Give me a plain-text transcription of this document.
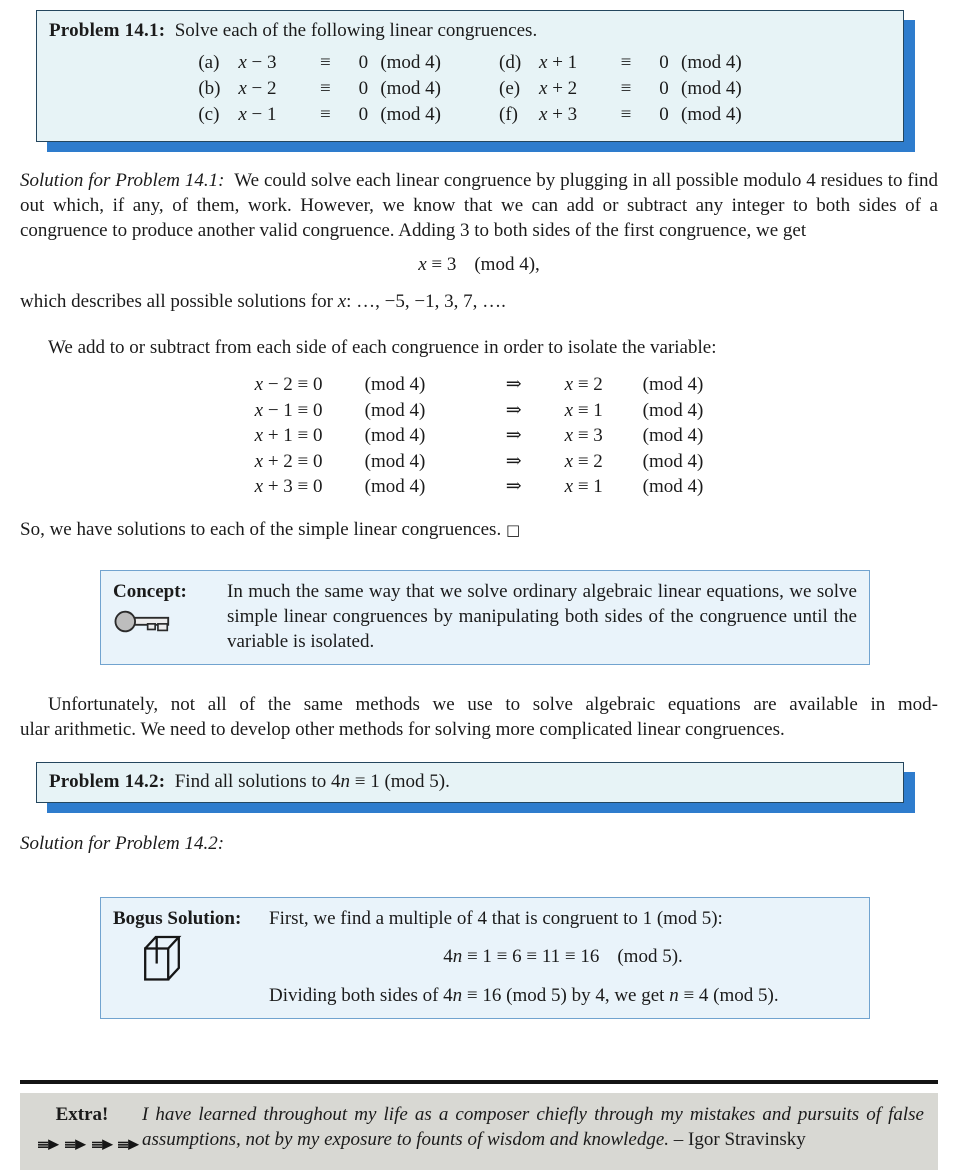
Problem 14.1: Solve each of the following linear congruences.
(a) x − 3	≡	0 (mod 4)	(d) x + 1	≡	0 (mod 4)
(b) x − 2	≡	0 (mod 4)	(e) x + 2	≡	0 (mod 4)
(c) x − 1	≡	0 (mod 4)	(f)	x + 3	≡	0 (mod 4)

Solution for Problem 14.1: We could solve each linear congruence by plugging in all possible modulo 4 residues to find out which, if any, of them, work. However, we know that we can add or subtract any integer to both sides of a congruence to produce another valid congruence. Adding 3 to both sides of the first congruence, we get

x ≡ 3 (mod 4),

which describes all possible solutions for x: …, −5, −1, 3, 7, ….

We add to or subtract from each side of each congruence in order to isolate the variable:

x − 2 ≡ 0	(mod 4)	⇒	x ≡ 2	(mod 4)
x − 1 ≡ 0	(mod 4)	⇒	x ≡ 1	(mod 4)
x + 1 ≡ 0	(mod 4)	⇒	x ≡ 3	(mod 4)
x + 2 ≡ 0	(mod 4)	⇒	x ≡ 2	(mod 4)
x + 3 ≡ 0	(mod 4)	⇒	x ≡ 1	(mod 4)

So, we have solutions to each of the simple linear congruences. □

Concept:	In much the same way that we solve ordinary algebraic linear equations, we solve simple linear congruences by manipulating both sides of the congruence until the variable is isolated.

Unfortunately, not all of the same methods we use to solve algebraic equations are available in mod-
ular arithmetic. We need to develop other methods for solving more complicated linear congruences.

Problem 14.2: Find all solutions to 4n ≡ 1 (mod 5).

Solution for Problem 14.2:

Bogus Solution:	First, we find a multiple of 4 that is congruent to 1 (mod 5):
4n ≡ 1 ≡ 6 ≡ 11 ≡ 16 (mod 5).
Dividing both sides of 4n ≡ 16 (mod 5) by 4, we get n ≡ 4 (mod 5).
Extra!
	I have learned throughout my life as a composer chiefly through my mistakes and pursuits of false assumptions, not by my exposure to founts of wisdom and knowledge. – Igor Stravinsky
